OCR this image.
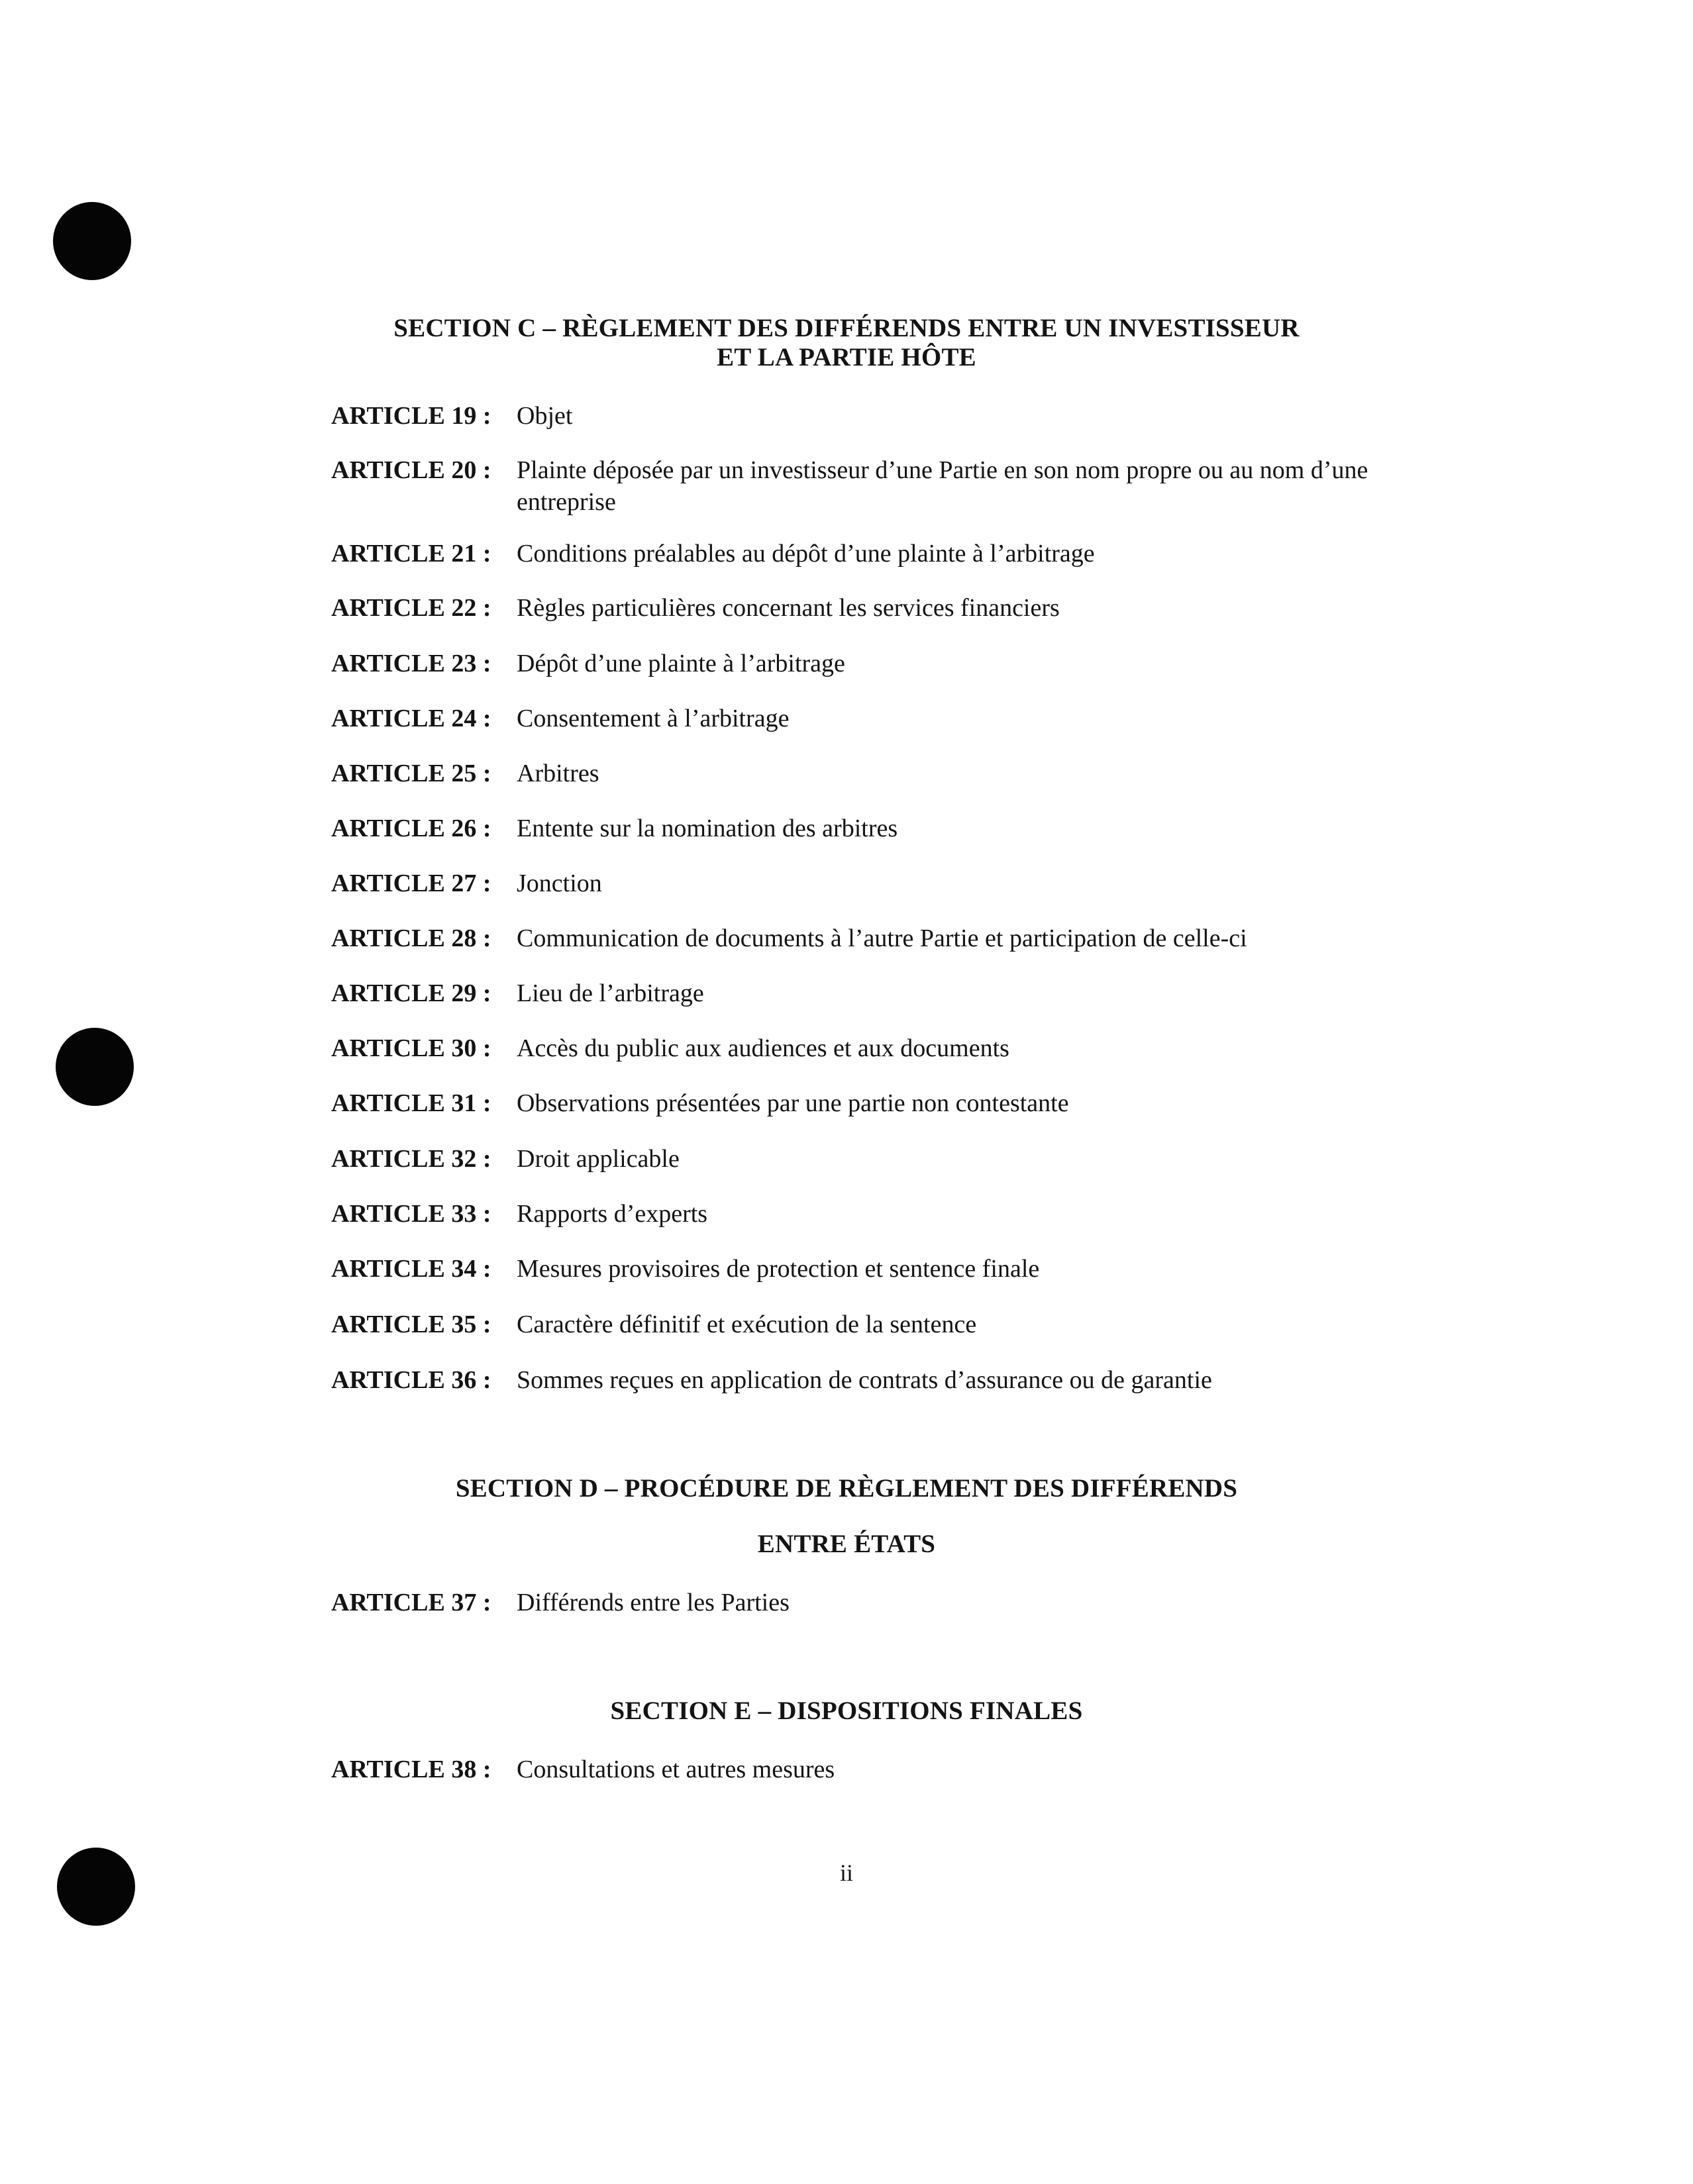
SECTION C – RÈGLEMENT DES DIFFÉRENDS ENTRE UN INVESTISSEUR
ET LA PARTIE HÔTE
ARTICLE 19 : Objet
ARTICLE 20 : Plainte déposée par un investisseur d’une Partie en son nom propre ou au nom d’une entreprise
ARTICLE 21 : Conditions préalables au dépôt d’une plainte à l’arbitrage
ARTICLE 22 : Règles particulières concernant les services financiers
ARTICLE 23 : Dépôt d’une plainte à l’arbitrage
ARTICLE 24 : Consentement à l’arbitrage
ARTICLE 25 : Arbitres
ARTICLE 26 : Entente sur la nomination des arbitres
ARTICLE 27 : Jonction
ARTICLE 28 : Communication de documents à l’autre Partie et participation de celle-ci
ARTICLE 29 : Lieu de l’arbitrage
ARTICLE 30 : Accès du public aux audiences et aux documents
ARTICLE 31 : Observations présentées par une partie non contestante
ARTICLE 32 : Droit applicable
ARTICLE 33 : Rapports d’experts
ARTICLE 34 : Mesures provisoires de protection et sentence finale
ARTICLE 35 : Caractère définitif et exécution de la sentence
ARTICLE 36 : Sommes reçues en application de contrats d’assurance ou de garantie
SECTION D – PROCÉDURE DE RÈGLEMENT DES DIFFÉRENDS
ENTRE ÉTATS
ARTICLE 37 : Différends entre les Parties
SECTION E – DISPOSITIONS FINALES
ARTICLE 38 : Consultations et autres mesures
ii
